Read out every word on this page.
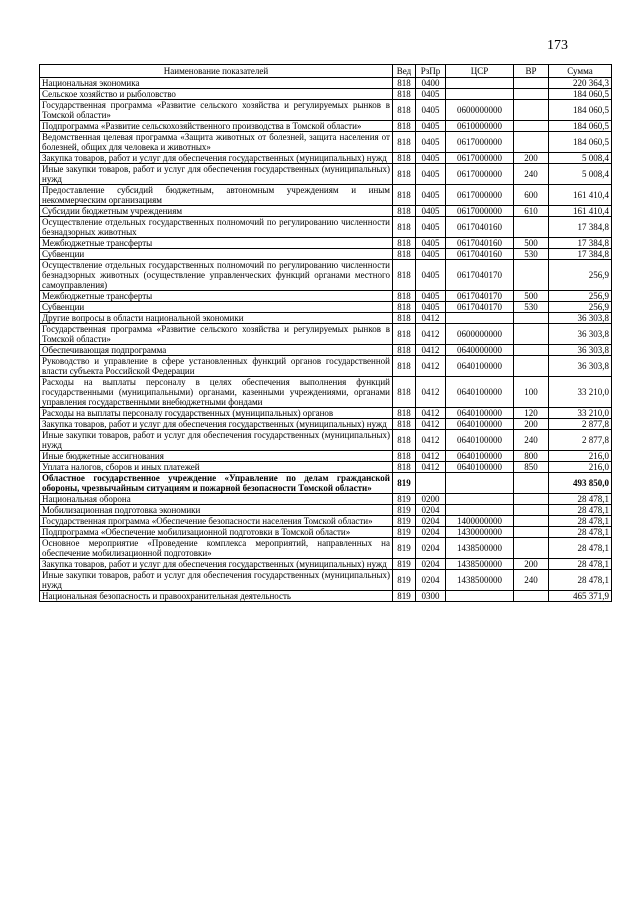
173
Наименование показателей	Вед	РзПр	ЦСР	ВР	Сумма
Национальная экономика	818	0400			220 364,3
Сельское хозяйство и рыболовство	818	0405			184 060,5
Государственная программа «Развитие сельского хозяйства и регулируемых рынков в Томской области»	818	0405	0600000000		184 060,5
Подпрограмма «Развитие сельскохозяйственного производства в Томской области»	818	0405	0610000000		184 060,5
Ведомственная целевая программа «Защита животных от болезней, защита населения от болезней, общих для человека и животных»	818	0405	0617000000		184 060,5
Закупка товаров, работ и услуг для обеспечения государственных (муниципальных) нужд	818	0405	0617000000	200	5 008,4
Иные закупки товаров, работ и услуг для обеспечения государственных (муниципальных) нужд	818	0405	0617000000	240	5 008,4
Предоставление субсидий бюджетным, автономным учреждениям и иным некоммерческим организациям	818	0405	0617000000	600	161 410,4
Субсидии бюджетным учреждениям	818	0405	0617000000	610	161 410,4
Осуществление отдельных государственных полномочий по регулированию численности безнадзорных животных	818	0405	0617040160		17 384,8
Межбюджетные трансферты	818	0405	0617040160	500	17 384,8
Субвенции	818	0405	0617040160	530	17 384,8
Осуществление отдельных государственных полномочий по регулированию численности безнадзорных животных (осуществление управленческих функций органами местного самоуправления)	818	0405	0617040170		256,9
Межбюджетные трансферты	818	0405	0617040170	500	256,9
Субвенции	818	0405	0617040170	530	256,9
Другие вопросы в области национальной экономики	818	0412			36 303,8
Государственная программа «Развитие сельского хозяйства и регулируемых рынков в Томской области»	818	0412	0600000000		36 303,8
Обеспечивающая подпрограмма	818	0412	0640000000		36 303,8
Руководство и управление в сфере установленных функций органов государственной власти субъекта Российской Федерации	818	0412	0640100000		36 303,8
Расходы на выплаты персоналу в целях обеспечения выполнения функций государственными (муниципальными) органами, казенными учреждениями, органами управления государственными внебюджетными фондами	818	0412	0640100000	100	33 210,0
Расходы на выплаты персоналу государственных (муниципальных) органов	818	0412	0640100000	120	33 210,0
Закупка товаров, работ и услуг для обеспечения государственных (муниципальных) нужд	818	0412	0640100000	200	2 877,8
Иные закупки товаров, работ и услуг для обеспечения государственных (муниципальных) нужд	818	0412	0640100000	240	2 877,8
Иные бюджетные ассигнования	818	0412	0640100000	800	216,0
Уплата налогов, сборов и иных платежей	818	0412	0640100000	850	216,0
Областное государственное учреждение «Управление по делам гражданской обороны, чрезвычайным ситуациям и пожарной безопасности Томской области»	819				493 850,0
Национальная оборона	819	0200			28 478,1
Мобилизационная подготовка экономики	819	0204			28 478,1
Государственная программа «Обеспечение безопасности населения Томской области»	819	0204	1400000000		28 478,1
Подпрограмма «Обеспечение мобилизационной подготовки в Томской области»	819	0204	1430000000		28 478,1
Основное мероприятие «Проведение комплекса мероприятий, направленных на обеспечение мобилизационной подготовки»	819	0204	1438500000		28 478,1
Закупка товаров, работ и услуг для обеспечения государственных (муниципальных) нужд	819	0204	1438500000	200	28 478,1
Иные закупки товаров, работ и услуг для обеспечения государственных (муниципальных) нужд	819	0204	1438500000	240	28 478,1
Национальная безопасность и правоохранительная деятельность	819	0300			465 371,9
